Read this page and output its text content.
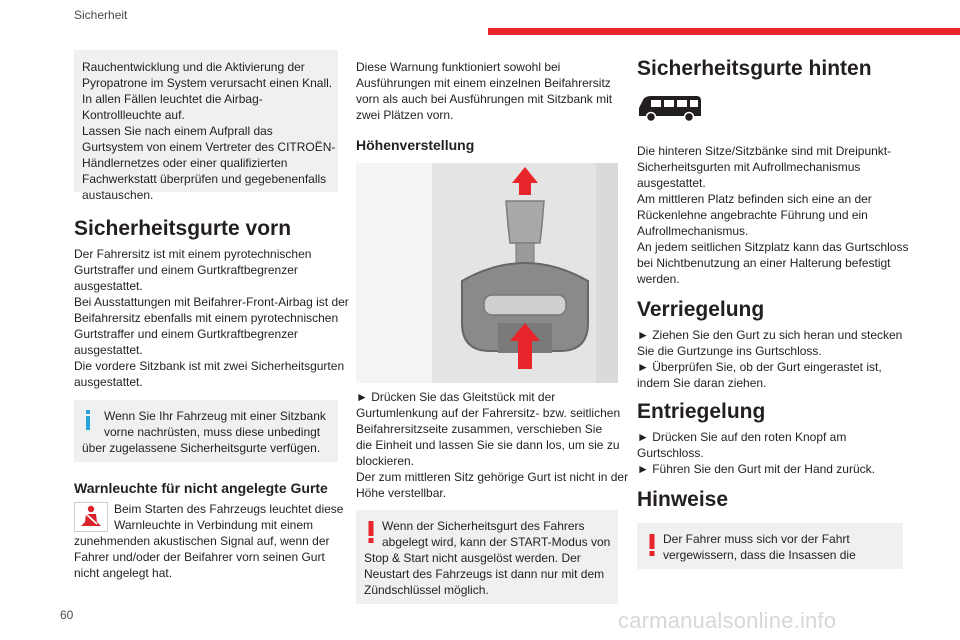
Sicherheit
60	carmanualsonline.info
Rauchentwicklung und die Aktivierung der
Pyropatrone im System verursacht einen Knall.
In allen Fällen leuchtet die Airbag-
Kontrollleuchte auf.
Lassen Sie nach einem Aufprall das
Gurtsystem von einem Vertreter des CITROËN-
Händlernetzes oder einer qualifizierten
Fachwerkstatt überprüfen und gegebenenfalls
austauschen.
Sicherheitsgurte vorn
Der Fahrersitz ist mit einem pyrotechnischen
Gurtstraffer und einem Gurtkraftbegrenzer
ausgestattet.
Bei Ausstattungen mit Beifahrer-Front-Airbag ist der
Beifahrersitz ebenfalls mit einem pyrotechnischen
Gurtstraffer und einem Gurtkraftbegrenzer
ausgestattet.
Die vordere Sitzbank ist mit zwei Sicherheitsgurten
ausgestattet.
Wenn Sie Ihr Fahrzeug mit einer Sitzbank
vorne nachrüsten, muss diese unbedingt
über zugelassene Sicherheitsgurte verfügen.
Warnleuchte für nicht angelegte Gurte
Beim Starten des Fahrzeugs leuchtet diese
Warnleuchte in Verbindung mit einem
zunehmenden akustischen Signal auf, wenn der
Fahrer und/oder der Beifahrer vorn seinen Gurt
nicht angelegt hat.
Diese Warnung funktioniert sowohl bei
Ausführungen mit einem einzelnen Beifahrersitz
vorn als auch bei Ausführungen mit Sitzbank mit
zwei Plätzen vorn.
Höhenverstellung
► Drücken Sie das Gleitstück mit der
Gurtumlenkung auf der Fahrersitz- bzw. seitlichen
Beifahrersitzseite zusammen, verschieben Sie
die Einheit und lassen Sie sie dann los, um sie zu
blockieren.
Der zum mittleren Sitz gehörige Gurt ist nicht in der
Höhe verstellbar.
Wenn der Sicherheitsgurt des Fahrers
abgelegt wird, kann der START-Modus von
Stop & Start nicht ausgelöst werden. Der
Neustart des Fahrzeugs ist dann nur mit dem
Zündschlüssel möglich.
Sicherheitsgurte hinten
Die hinteren Sitze/Sitzbänke sind mit Dreipunkt-
Sicherheitsgurten mit Aufrollmechanismus
ausgestattet.
Am mittleren Platz befinden sich eine an der
Rückenlehne angebrachte Führung und ein
Aufrollmechanismus.
An jedem seitlichen Sitzplatz kann das Gurtschloss
bei Nichtbenutzung an einer Halterung befestigt
werden.
Verriegelung
► Ziehen Sie den Gurt zu sich heran und stecken
Sie die Gurtzunge ins Gurtschloss.
► Überprüfen Sie, ob der Gurt eingerastet ist,
indem Sie daran ziehen.
Entriegelung
► Drücken Sie auf den roten Knopf am
Gurtschloss.
► Führen Sie den Gurt mit der Hand zurück.
Hinweise
Der Fahrer muss sich vor der Fahrt
vergewissern, dass die Insassen die
